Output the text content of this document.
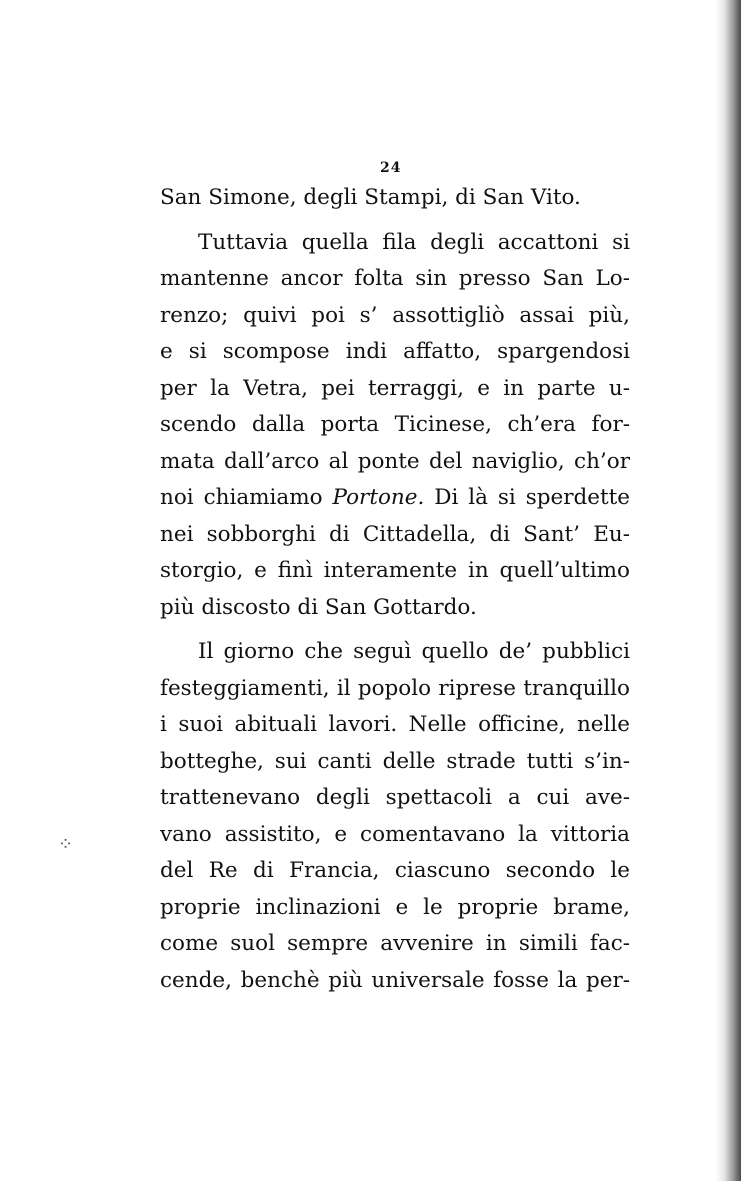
24
San Simone, degli Stampi, di San Vito.
Tuttavia quella fila degli accattoni si
mantenne ancor folta sin presso San Lo-
renzo; quivi poi s’ assottigliò assai più,
e si scompose indi affatto, spargendosi
per la Vetra, pei terraggi, e in parte u-
scendo dalla porta Ticinese, ch’era for-
mata dall’arco al ponte del naviglio, ch’or
noi chiamiamo Portone. Di là si sperdette
nei sobborghi di Cittadella, di Sant’ Eu-
storgio, e finì interamente in quell’ultimo
più discosto di San Gottardo.
Il giorno che seguì quello de’ pubblici
festeggiamenti, il popolo riprese tranquillo
i suoi abituali lavori. Nelle officine, nelle
botteghe, sui canti delle strade tutti s’in-
trattenevano degli spettacoli a cui ave-
vano assistito, e comentavano la vittoria
del Re di Francia, ciascuno secondo le
proprie inclinazioni e le proprie brame,
come suol sempre avvenire in simili fac-
cende, benchè più universale fosse la per-
⁘
